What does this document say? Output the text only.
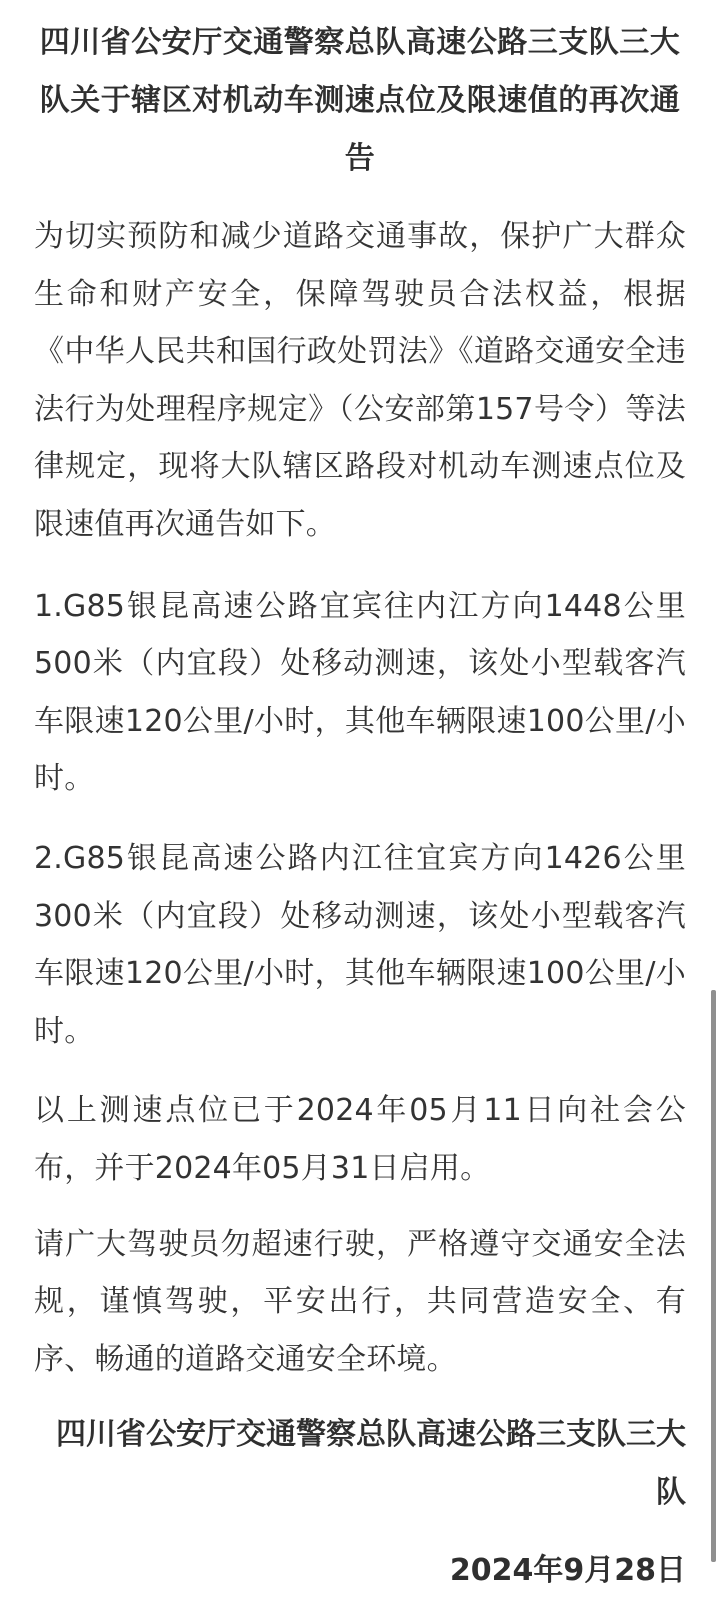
四川省公安厅交通警察总队高速公路三支队三大队关于辖区对机动车测速点位及限速值的再次通告

为切实预防和减少道路交通事故，保护广大群众生命和财产安全，保障驾驶员合法权益，根据《中华人民共和国行政处罚法》《道路交通安全违法行为处理程序规定》（公安部第157号令）等法律规定，现将大队辖区路段对机动车测速点位及限速值再次通告如下。

1.G85银昆高速公路宜宾往内江方向1448公里500米（内宜段）处移动测速，该处小型载客汽车限速120公里/小时，其他车辆限速100公里/小时。

2.G85银昆高速公路内江往宜宾方向1426公里300米（内宜段）处移动测速，该处小型载客汽车限速120公里/小时，其他车辆限速100公里/小时。

以上测速点位已于2024年05月11日向社会公布，并于2024年05月31日启用。

请广大驾驶员勿超速行驶，严格遵守交通安全法规，谨慎驾驶，平安出行，共同营造安全、有序、畅通的道路交通安全环境。

四川省公安厅交通警察总队高速公路三支队三大队
2024年9月28日
